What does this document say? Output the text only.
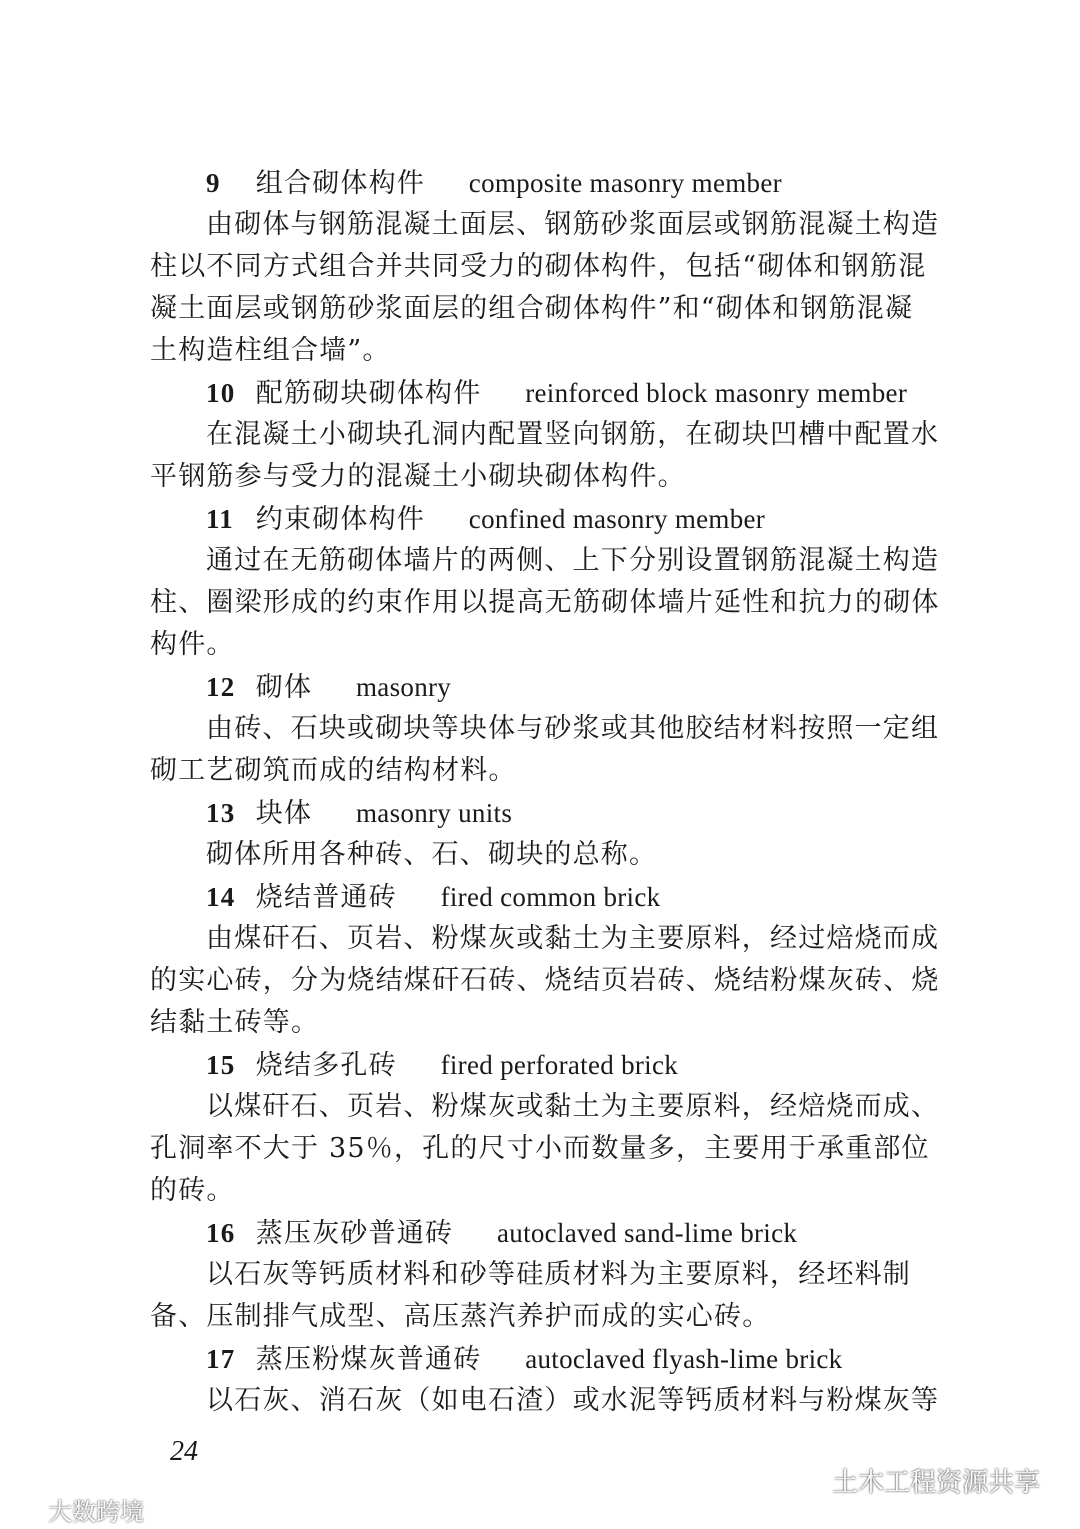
9 组合砌体构件 composite masonry member
由砌体与钢筋混凝土面层、钢筋砂浆面层或钢筋混凝土构造
柱以不同方式组合并共同受力的砌体构件，包括“砌体和钢筋混
凝土面层或钢筋砂浆面层的组合砌体构件”和“砌体和钢筋混凝
土构造柱组合墙”。
10 配筋砌块砌体构件 reinforced block masonry member
在混凝土小砌块孔洞内配置竖向钢筋，在砌块凹槽中配置水
平钢筋参与受力的混凝土小砌块砌体构件。
11 约束砌体构件 confined masonry member
通过在无筋砌体墙片的两侧、上下分别设置钢筋混凝土构造
柱、圈梁形成的约束作用以提高无筋砌体墙片延性和抗力的砌体
构件。
12 砌体 masonry
由砖、石块或砌块等块体与砂浆或其他胶结材料按照一定组
砌工艺砌筑而成的结构材料。
13 块体 masonry units
砌体所用各种砖、石、砌块的总称。
14 烧结普通砖 fired common brick
由煤矸石、页岩、粉煤灰或黏土为主要原料，经过焙烧而成
的实心砖，分为烧结煤矸石砖、烧结页岩砖、烧结粉煤灰砖、烧
结黏土砖等。
15 烧结多孔砖 fired perforated brick
以煤矸石、页岩、粉煤灰或黏土为主要原料，经焙烧而成、
孔洞率不大于 35％，孔的尺寸小而数量多，主要用于承重部位
的砖。
16 蒸压灰砂普通砖 autoclaved sand-lime brick
以石灰等钙质材料和砂等硅质材料为主要原料，经坯料制
备、压制排气成型、高压蒸汽养护而成的实心砖。
17 蒸压粉煤灰普通砖 autoclaved flyash-lime brick
以石灰、消石灰（如电石渣）或水泥等钙质材料与粉煤灰等
24
土木工程资源共享
大数跨境
